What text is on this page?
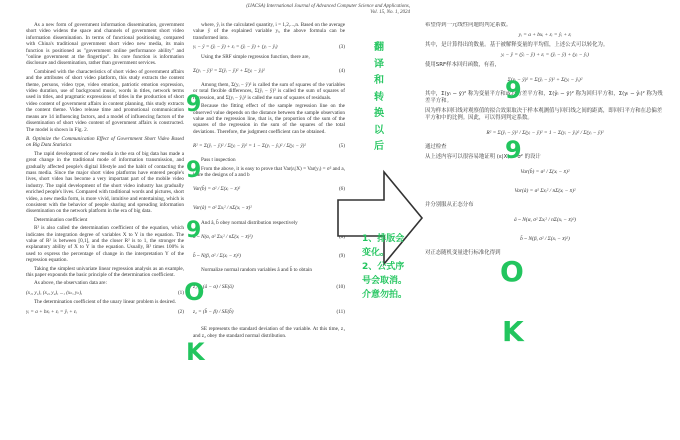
(IJACSA) International Journal of Advanced Computer Science and Applications,
Vol. 15, No. 1, 2024

As a new form of government information dissemination, government short video widens the space and channels of government short video information dissemination. In terms of functional positioning, compared with China's traditional government short video new media, its main function is positioned as "government online performance ability" and "online government at the fingertips". Its core function is information disclosure and dissemination, rather than government services.

Combined with the characteristics of short video of government affairs and the attributes of short video platform, this study extracts the content theme, persons, video type, video emotion, patriotic emotion expression, video duration, use of background music, words in titles, network terms used in titles, and pragmatic expressions of titles in the production of short video content of government affairs in content planning, this study extracts the content theme. Video release time and promotional communication means are 14 influencing factors, and a model of influencing factors of the dissemination of short video content of government affairs is constructed. The model is shown in Fig. 2.

B. Optimize the Communication Effect of Government Short Video Based on Big Data Statistics

The rapid development of new media in the era of big data has made a great change in the traditional mode of information transmission, and gradually affected people's digital lifestyle and the habit of contacting the mass media. Since the major short video platforms have entered people's lives, short video has become a very important part of the mobile video industry. The rapid development of the short video industry has gradually enriched people's lives. Compared with traditional words and pictures, short video, a new media form, is more vivid, intuitive and entertaining, which is consistent with the behavior of people sharing and spreading information dissemination on the network platform in the era of big data.

Determination coefficient

R² is also called the determination coefficient of the equation, which indicates the integration degree of variables X to Y in the equation. The value of R² is between [0,1], and the closer R² is to 1, the stronger the explanatory ability of X to Y in the equation. Usually, R² times 100% is used to express the percentage of change in the interpretation Y of the regression equation.

Taking the simplest univariate linear regression analysis as an example, this paper expounds the basic principle of the determination coefficient.

As above, the observation data are:

(x₁, y₁), (x₂, y₂), ..., (xₙ, yₙ),	(1)

The determination coefficient of the unary linear problem is desired.

yᵢ = a + bxᵢ + εᵢ = ŷᵢ + εᵢ	(2)

where, ŷᵢ is the calculated quantity, i = 1,2,...,n. Based on the average value ȳ of the explained variable yᵢ, the above formula can be transformed into.

yᵢ − ȳ = (ŷᵢ − ȳ) + εᵢ = (ŷᵢ − ȳ) + (yᵢ − ŷᵢ)	(3)

Using the SRF simple regression function, there are,

Σ(yᵢ − ȳ)² = Σ(ŷᵢ − ȳ)² + Σ(yᵢ − ŷᵢ)²	(4)

Among them, Σ(yᵢ − ȳ)² is called the sum of squares of the variables or total flexible differences, Σ(ŷᵢ − ȳ)² is called the sum of squares of regression, and Σ(yᵢ − ŷᵢ)² is called the sum of squares of residuals.

Because the fitting effect of the sample regression line on the observed value depends on the distance between the sample observation value and the regression line, that is, the proportion of the sum of the squares of the regression in the sum of the squares of the total deviations. Therefore, the judgment coefficient can be obtained.

R² = Σ(ŷᵢ − ȳ)² / Σ(yᵢ − ȳ)² = 1 − Σ(yᵢ − ŷᵢ)² / Σ(yᵢ − ȳ)²	(5)

Pass t inspection

From the above, it is easy to prove that Var(εᵢ|X) = Var(yᵢ) = σ² and a, b are the designs of a and b

Var(b̂) = σ² / Σ(xᵢ − x̄)²	(6)
Var(â) = σ² Σxᵢ² / nΣ(xᵢ − x̄)²

And â, b̂ obey normal distribution respectively

â ~ N(α, σ² Σxᵢ² / nΣ(xᵢ − x̄)²)
b̂ ~ N(β, σ² / Σ(xᵢ − x̄)²)	(9)

Normalize normal random variables â and b̂ to obtain

z₁ = (â − α) / SE(â)	(10)
z₂ = (b̂ − β) / SE(b̂)	(11)

SE represents the standard deviation of the variable. At this time, z₁ and z₂ obey the standard normal distribution.

翻
译
和
转
换
以
后
1、排版会
变化。
2、公式序
号会取消。
介意勿拍。

希望得到一元线性问题的判定系数。

yᵢ = a + bxᵢ + εᵢ = ŷᵢ + εᵢ

其中，是计算得出的数量。基于被解释变量的平均值，上述公式可以转化为。

yᵢ − ȳ = (ŷᵢ − ȳ) + εᵢ = (ŷᵢ − ȳ) + (yᵢ − ŷᵢ)

使用SRF样本回归函数，有着，

Σ(yᵢ − ȳ)² = Σ(ŷᵢ − ȳ)² + Σ(yᵢ − ŷᵢ)²

其中，Σ(yᵢ − ȳ)² 称为变量平方和或总方差平方和，Σ(ŷᵢ − ȳ)² 称为回归平方和，Σ(yᵢ − ŷᵢ)² 称为残差平方和。

因为样本回归线对观察值的拟合效果取决于样本观测值与回归线之间的距离，即回归平方和在总偏差平方和中的比例。因此，可以得到判定系数。

R² = Σ(ŷᵢ − ȳ)² / Σ(yᵢ − ȳ)² = 1 − Σ(yᵢ − ŷᵢ)² / Σ(yᵢ − ȳ)²

通过检查

从上述内容可以很容易地证明 (ε|X) = σ² 的设计

Var(b̂) = σ² / Σ(xᵢ − x̄)²
Var(â) = σ² Σxᵢ² / nΣ(xᵢ − x̄)²

并分别服从正态分布

â ~ N(α, σ² Σxᵢ² / nΣ(xᵢ − x̄)²)
b̂ ~ N(β, σ² / Σ(xᵢ − x̄)²)

对正态随机变量进行标准化得到

9
9
9
O
K
9
9
O
K
